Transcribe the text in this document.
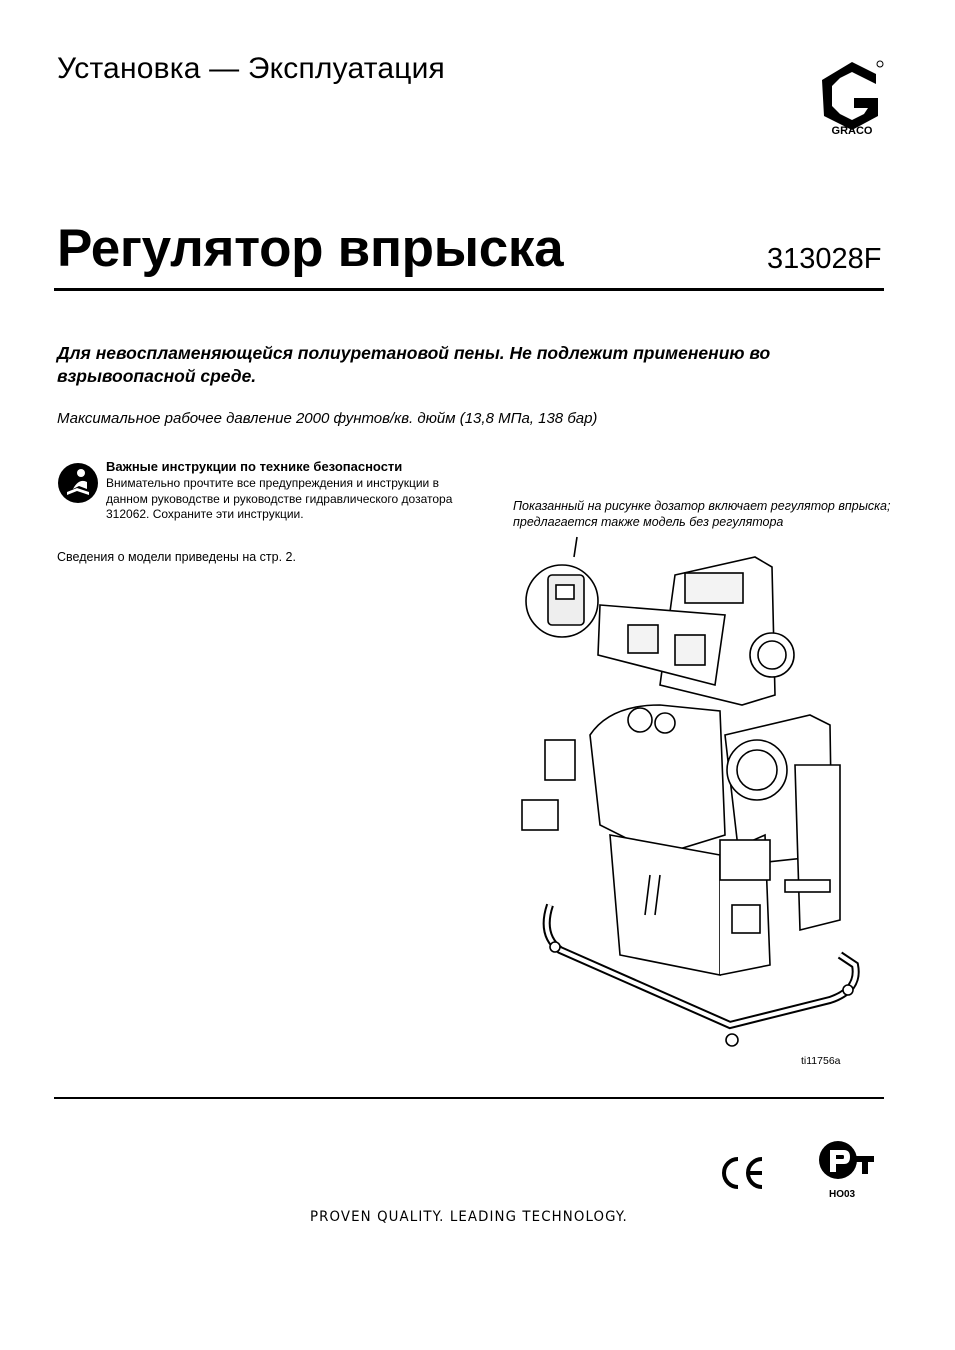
Установка — Эксплуатация
GRACO
Регулятор впрыска	313028F
Для невоспламеняющейся полиуретановой пены. Не подлежит применению во взрывоопасной среде.
Максимальное рабочее давление 2000 фунтов/кв. дюйм (13,8 МПа, 138 бар)
Важные инструкции по технике безопасности
Внимательно прочтите все предупреждения и инструкции в данном руководстве и руководстве гидравлического дозатора 312062. Сохраните эти инструкции.
Сведения о модели приведены на стр. 2.
Показанный на рисунке дозатор включает регулятор впрыска; предлагается также модель без регулятора
ti11756a
HO03
PROVEN QUALITY. LEADING TECHNOLOGY.
